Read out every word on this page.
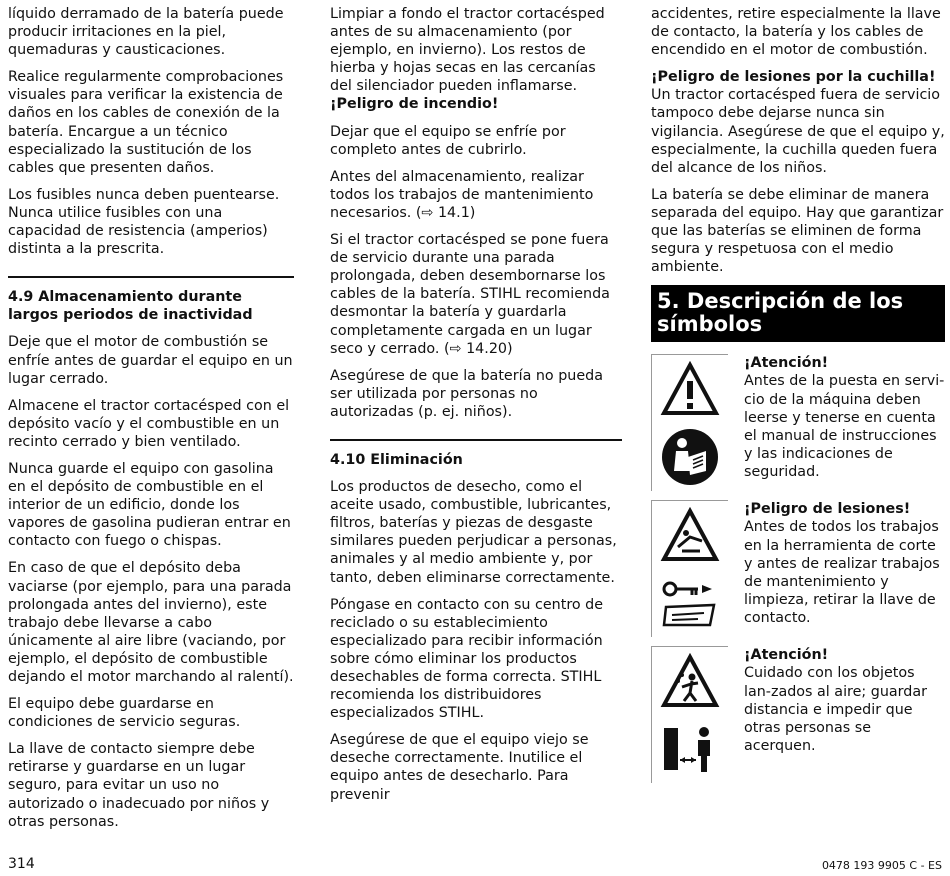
líquido derramado de la batería puede producir irritaciones en la piel, quemaduras y causticaciones.

Realice regularmente comprobaciones visuales para verificar la existencia de daños en los cables de conexión de la batería. Encargue a un técnico especializado la sustitución de los cables que presenten daños.

Los fusibles nunca deben puentearse. Nunca utilice fusibles con una capacidad de resistencia (amperios) distinta a la prescrita.

4.9 Almacenamiento durante largos periodos de inactividad

Deje que el motor de combustión se enfríe antes de guardar el equipo en un lugar cerrado.

Almacene el tractor cortacésped con el depósito vacío y el combustible en un recinto cerrado y bien ventilado.

Nunca guarde el equipo con gasolina en el depósito de combustible en el interior de un edificio, donde los vapores de gasolina pudieran entrar en contacto con fuego o chispas.

En caso de que el depósito deba vaciarse (por ejemplo, para una parada prolongada antes del invierno), este trabajo debe llevarse a cabo únicamente al aire libre (vaciando, por ejemplo, el depósito de combustible dejando el motor marchando al ralentí).

El equipo debe guardarse en condiciones de servicio seguras.

La llave de contacto siempre debe retirarse y guardarse en un lugar seguro, para evitar un uso no autorizado o inadecuado por niños y otras personas.

Limpiar a fondo el tractor cortacésped antes de su almacenamiento (por ejemplo, en invierno). Los restos de hierba y hojas secas en las cercanías del silenciador pueden inflamarse. ¡Peligro de incendio!

Dejar que el equipo se enfríe por completo antes de cubrirlo.

Antes del almacenamiento, realizar todos los trabajos de mantenimiento necesarios. (⇨ 14.1)

Si el tractor cortacésped se pone fuera de servicio durante una parada prolongada, deben desembornarse los cables de la batería. STIHL recomienda desmontar la batería y guardarla completamente cargada en un lugar seco y cerrado. (⇨ 14.20)

Asegúrese de que la batería no pueda ser utilizada por personas no autorizadas (p. ej. niños).

4.10 Eliminación

Los productos de desecho, como el aceite usado, combustible, lubricantes, filtros, baterías y piezas de desgaste similares pueden perjudicar a personas, animales y al medio ambiente y, por tanto, deben eliminarse correctamente.

Póngase en contacto con su centro de reciclado o su establecimiento especializado para recibir información sobre cómo eliminar los productos desechables de forma correcta. STIHL recomienda los distribuidores especializados STIHL.

Asegúrese de que el equipo viejo se deseche correctamente. Inutilice el equipo antes de desecharlo. Para prevenir

accidentes, retire especialmente la llave de contacto, la batería y los cables de encendido en el motor de combustión.

¡Peligro de lesiones por la cuchilla!
Un tractor cortacésped fuera de servicio tampoco debe dejarse nunca sin vigilancia. Asegúrese de que el equipo y, especialmente, la cuchilla queden fuera del alcance de los niños.

La batería se debe eliminar de manera separada del equipo. Hay que garantizar que las baterías se eliminen de forma segura y respetuosa con el medio ambiente.

5. Descripción de los símbolos
¡Atención!
Antes de la puesta en servi-cio de la máquina deben leerse y tenerse en cuenta el manual de instrucciones y las indicaciones de seguridad.
¡Peligro de lesiones!
Antes de todos los trabajos en la herramienta de corte y antes de realizar trabajos de mantenimiento y limpieza, retirar la llave de contacto.
¡Atención!
Cuidado con los objetos lan-zados al aire; guardar distancia e impedir que otras personas se acerquen.
314	0478 193 9905 C - ES
